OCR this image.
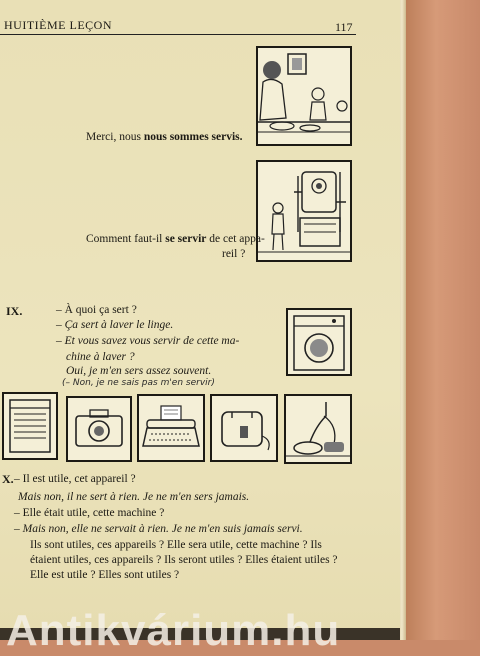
HUITIÈME LEÇON	117
Merci, nous nous sommes servis.
Comment faut-il se servir de cet appa-
reil ?
IX.	– À quoi ça sert ?
– Ça sert à laver le linge.
– Et vous savez vous servir de cette ma-
chine à laver ?
Oui, je m'en sers assez souvent.
(– Non, je ne sais pas m'en servir)
X. – Il est utile, cet appareil ?
Mais non, il ne sert à rien. Je ne m'en sers jamais.
– Elle était utile, cette machine ?
– Mais non, elle ne servait à rien. Je ne m'en suis jamais servi.
Ils sont utiles, ces appareils ? Elle sera utile, cette machine ? Ils
étaient utiles, ces appareils ? Ils seront utiles ? Elles étaient utiles ?
Elle est utile ? Elles sont utiles ?
Antikvárium.hu
